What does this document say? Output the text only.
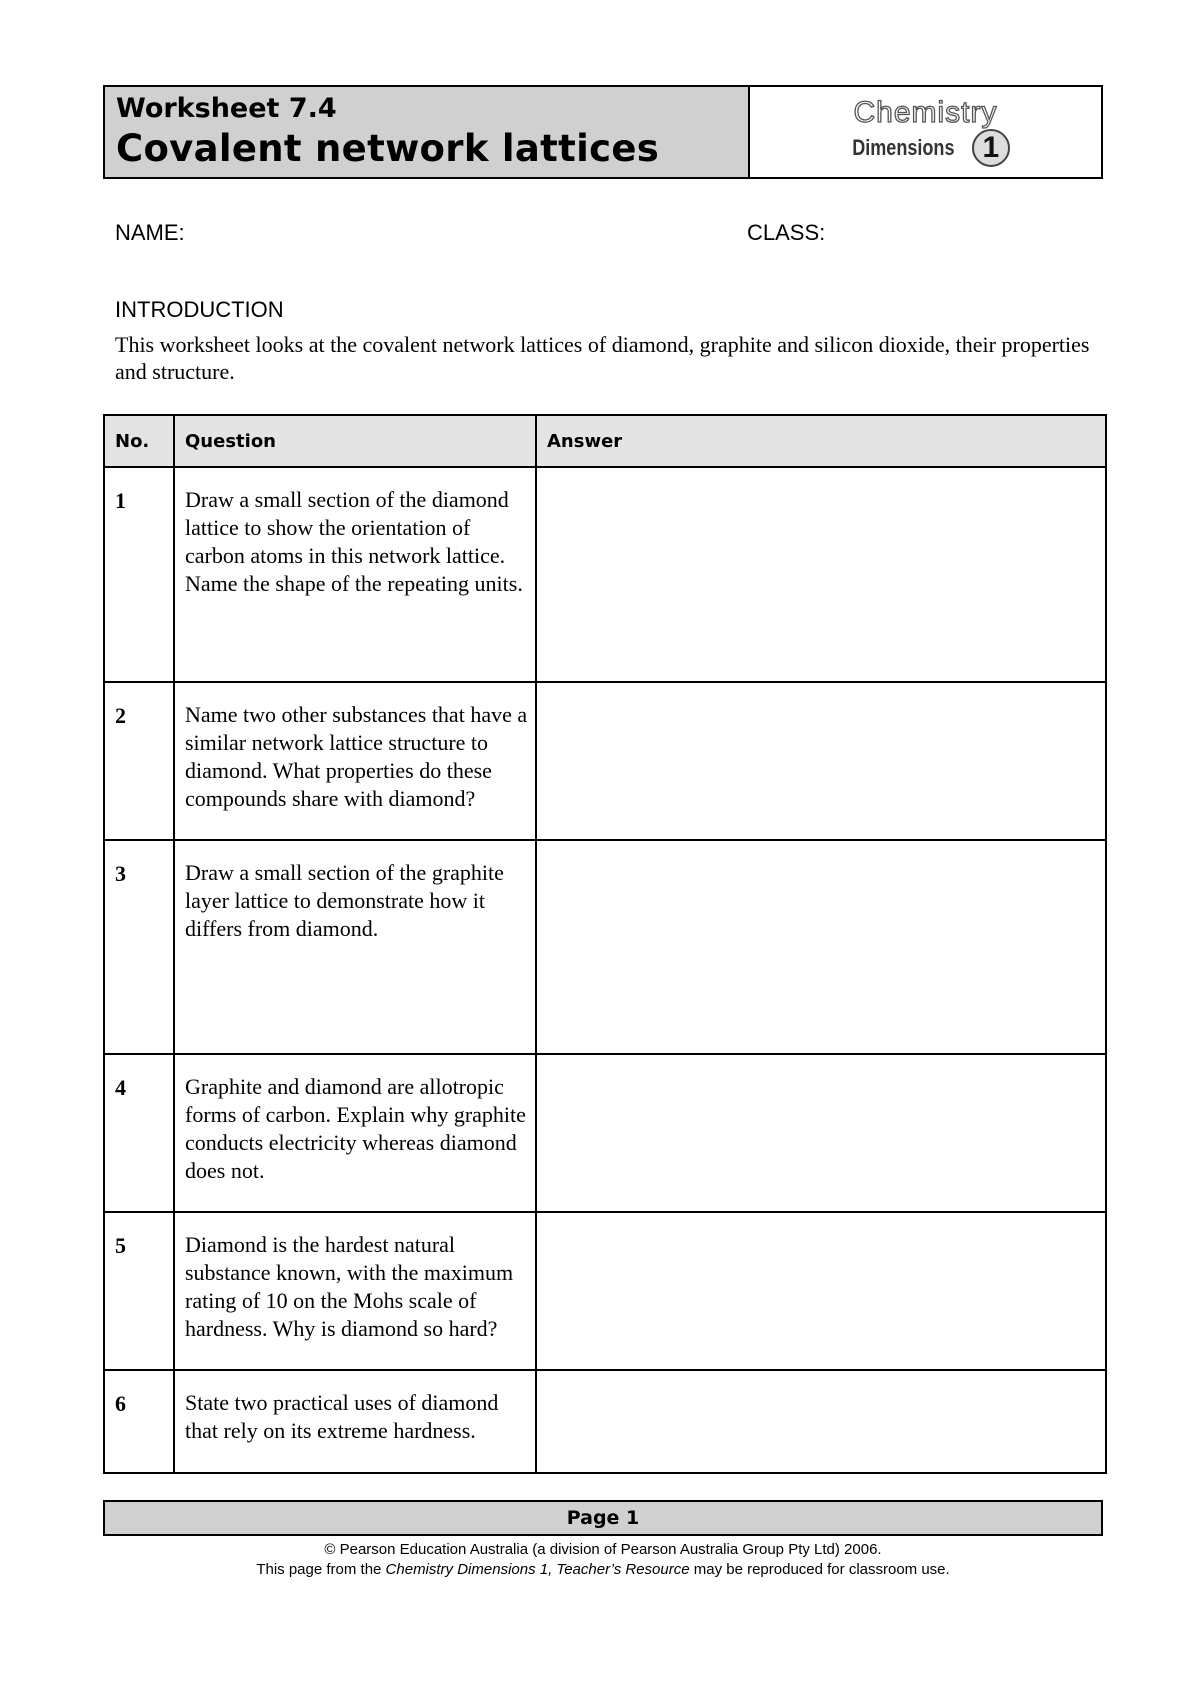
Worksheet 7.4
Covalent network lattices
Chemistry
Dimensions 1
NAME:	CLASS:
INTRODUCTION
This worksheet looks at the covalent network lattices of diamond, graphite and silicon dioxide, their properties and structure.
No.	Question	Answer
1	Draw a small section of the diamond lattice to show the orientation of carbon atoms in this network lattice. Name the shape of the repeating units.	
2	Name two other substances that have a similar network lattice structure to diamond. What properties do these compounds share with diamond?	
3	Draw a small section of the graphite layer lattice to demonstrate how it differs from diamond.	
4	Graphite and diamond are allotropic forms of carbon. Explain why graphite conducts electricity whereas diamond does not.	
5	Diamond is the hardest natural substance known, with the maximum rating of 10 on the Mohs scale of hardness. Why is diamond so hard?	
6	State two practical uses of diamond that rely on its extreme hardness.	
Page 1
© Pearson Education Australia (a division of Pearson Australia Group Pty Ltd) 2006.
This page from the Chemistry Dimensions 1, Teacher’s Resource may be reproduced for classroom use.
